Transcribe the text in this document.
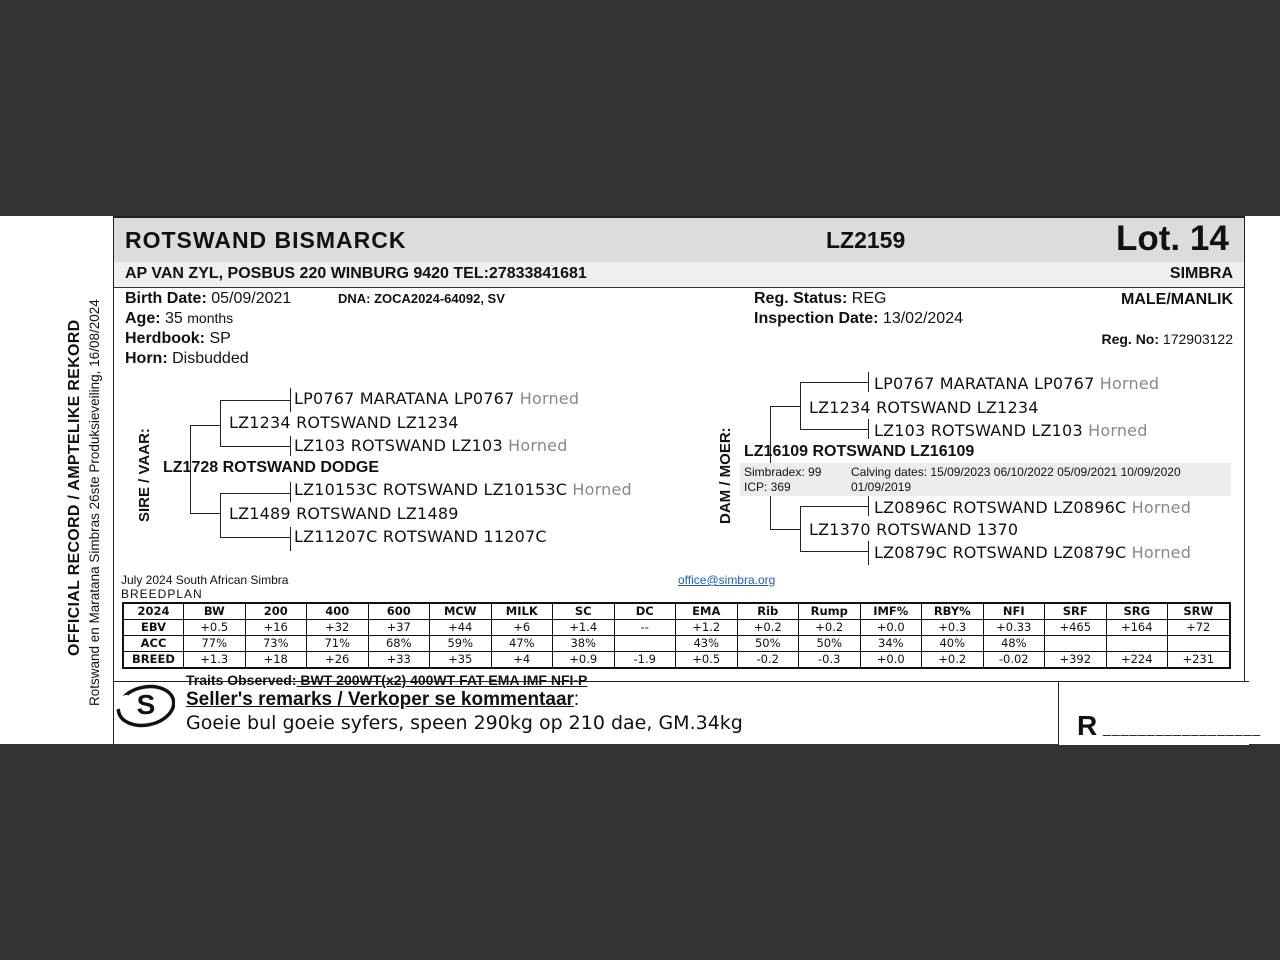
OFFICIAL RECORD / AMPTELIKE REKORD Rotswand en Maratana Simbras 26ste Produksieveiling, 16/08/2024
ROTSWAND BISMARCK	LZ2159	Lot. 14
AP VAN ZYL, POSBUS 220 WINBURG 9420 TEL:27833841681	SIMBRA
Birth Date: 05/09/2021	DNA: ZOCA2024-64092, SV
Age: 35 months
Herdbook: SP
Horn: Disbudded
Reg. Status: REG
Inspection Date: 13/02/2024
MALE/MANLIK
Reg. No: 172903122
SIRE / VAAR:
LP0767 MARATANA LP0767 Horned
LZ1234 ROTSWAND LZ1234
LZ103 ROTSWAND LZ103 Horned
LZ1728 ROTSWAND DODGE
LZ10153C ROTSWAND LZ10153C Horned
LZ1489 ROTSWAND LZ1489
LZ11207C ROTSWAND 11207C
DAM / MOER:
LP0767 MARATANA LP0767 Horned
LZ1234 ROTSWAND LZ1234
LZ103 ROTSWAND LZ103 Horned
LZ16109 ROTSWAND LZ16109
Simbradex: 99
ICP: 369
Calving dates: 15/09/2023 06/10/2022 05/09/2021 10/09/2020
01/09/2019
LZ0896C ROTSWAND LZ0896C Horned
LZ1370 ROTSWAND 1370
LZ0879C ROTSWAND LZ0879C Horned
July 2024 South African Simbra
BREEDPLAN
office@simbra.org
2024	BW	200	400	600	MCW	MILK	SC	DC	EMA	Rib	Rump	IMF%	RBY%	NFI	SRF	SRG	SRW
EBV	+0.5	+16	+32	+37	+44	+6	+1.4	--	+1.2	+0.2	+0.2	+0.0	+0.3	+0.33	+465	+164	+72
ACC	77%	73%	71%	68%	59%	47%	38%		43%	50%	50%	34%	40%	48%			
BREED	+1.3	+18	+26	+33	+35	+4	+0.9	-1.9	+0.5	-0.2	-0.3	+0.0	+0.2	-0.02	+392	+224	+231
S
Traits Observed: BWT 200WT(x2) 400WT FAT EMA IMF NFI-P
Seller's remarks / Verkoper se kommentaar:
Goeie bul goeie syfers, speen 290kg op 210 dae, GM.34kg	R __________________
